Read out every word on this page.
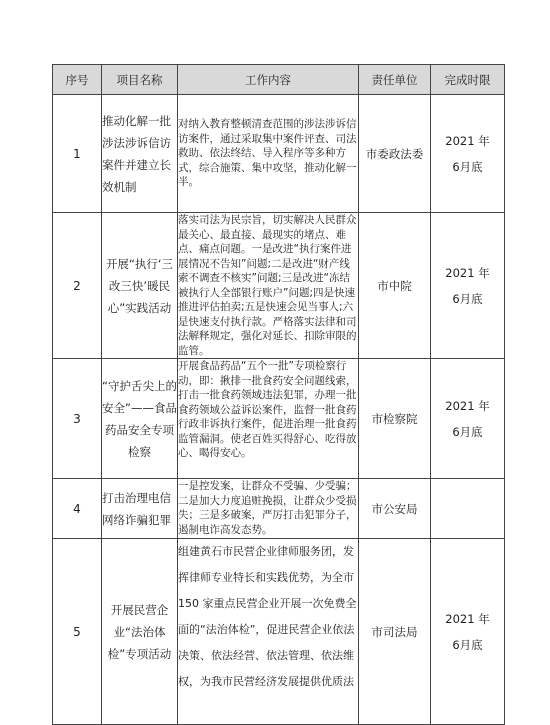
序号	项目名称	工作内容	责任单位	完成时限
1	推动化解一批涉法涉诉信访案件并建立长效机制	对纳入教育整顿清查范围的涉法涉诉信访案件，通过采取集中案件评查、司法救助、依法终结、导入程序等多种方式，综合施策、集中攻坚，推动化解一半。	市委政法委	2021 年
6月底

2	开展“执行‘三改三快’暖民心”实践活动	落实司法为民宗旨，切实解决人民群众最关心、最直接、最现实的堵点、难点、痛点问题。一是改进“执行案件进展情况不告知”问题;二是改进“财产线索不调查不核实”问题;三是改进“冻结被执行人全部银行账户”问题;四是快速推进评估拍卖;五是快速会见当事人;六是快速支付执行款。严格落实法律和司法解释规定，强化对延长、扣除审限的监管。	市中院	2021 年
6月底

3	“守护舌尖上的安全”——食品药品安全专项检察	开展食品药品“五个一批”专项检察行动，即：揪排一批食药安全问题线索，打击一批食药领域违法犯罪，办理一批食药领域公益诉讼案件，监督一批食药行政非诉执行案件，促进治理一批食药监管漏洞。使老百姓买得舒心、吃得放心、喝得安心。	市检察院	2021 年
6月底

4	打击治理电信网络诈骗犯罪	一是控发案，让群众不受骗、少受骗；二是加大力度追赃挽损，让群众少受损失；三是多破案，严厉打击犯罪分子，遏制电诈高发态势。	市公安局	

5	开展民营企业“法治体检”专项活动	组建黄石市民营企业律师服务团，发挥律师专业特长和实践优势，为全市150 家重点民营企业开展一次免费全面的“法治体检”，促进民营企业依法决策、依法经营、依法管理、依法维权，为我市民营经济发展提供优质法	市司法局	2021 年
6月底
